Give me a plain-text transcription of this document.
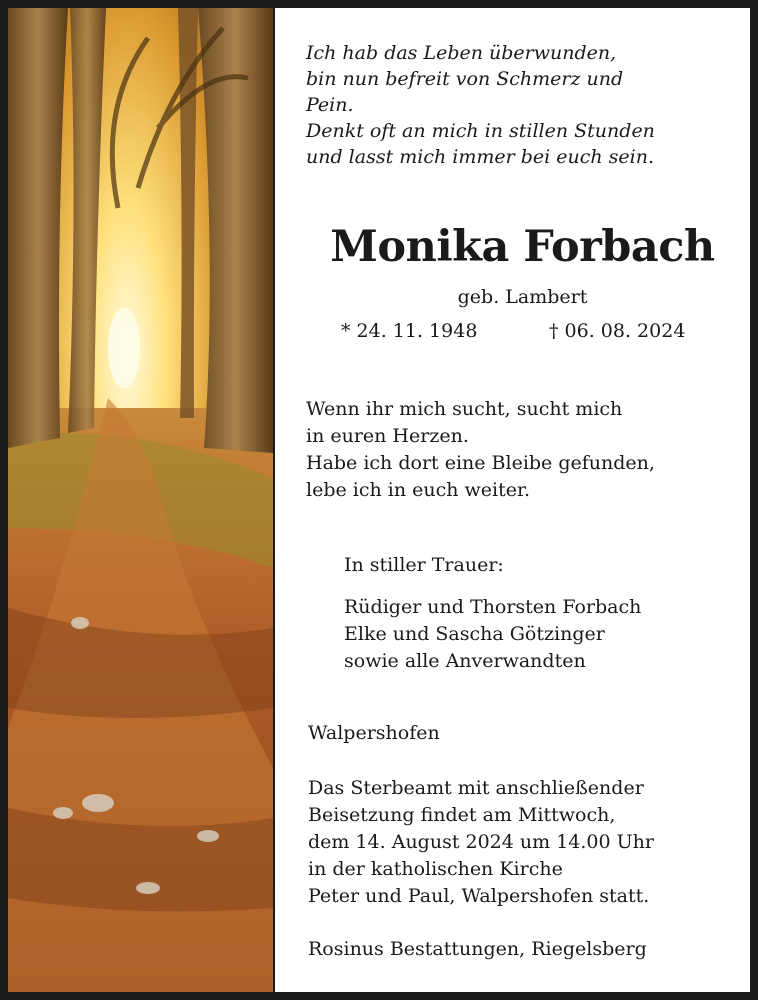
Ich hab das Leben überwunden,
bin nun befreit von Schmerz und
Pein.
Denkt oft an mich in stillen Stunden
und lasst mich immer bei euch sein.
Monika Forbach
geb. Lambert
* 24. 11. 1948	† 06. 08. 2024
Wenn ihr mich sucht, sucht mich
in euren Herzen.
Habe ich dort eine Bleibe gefunden,
lebe ich in euch weiter.
In stiller Trauer:
Rüdiger und Thorsten Forbach
Elke und Sascha Götzinger
sowie alle Anverwandten
Walpershofen
Das Sterbeamt mit anschließender
Beisetzung findet am Mittwoch,
dem 14. August 2024 um 14.00 Uhr
in der katholischen Kirche
Peter und Paul, Walpershofen statt.
Rosinus Bestattungen, Riegelsberg
